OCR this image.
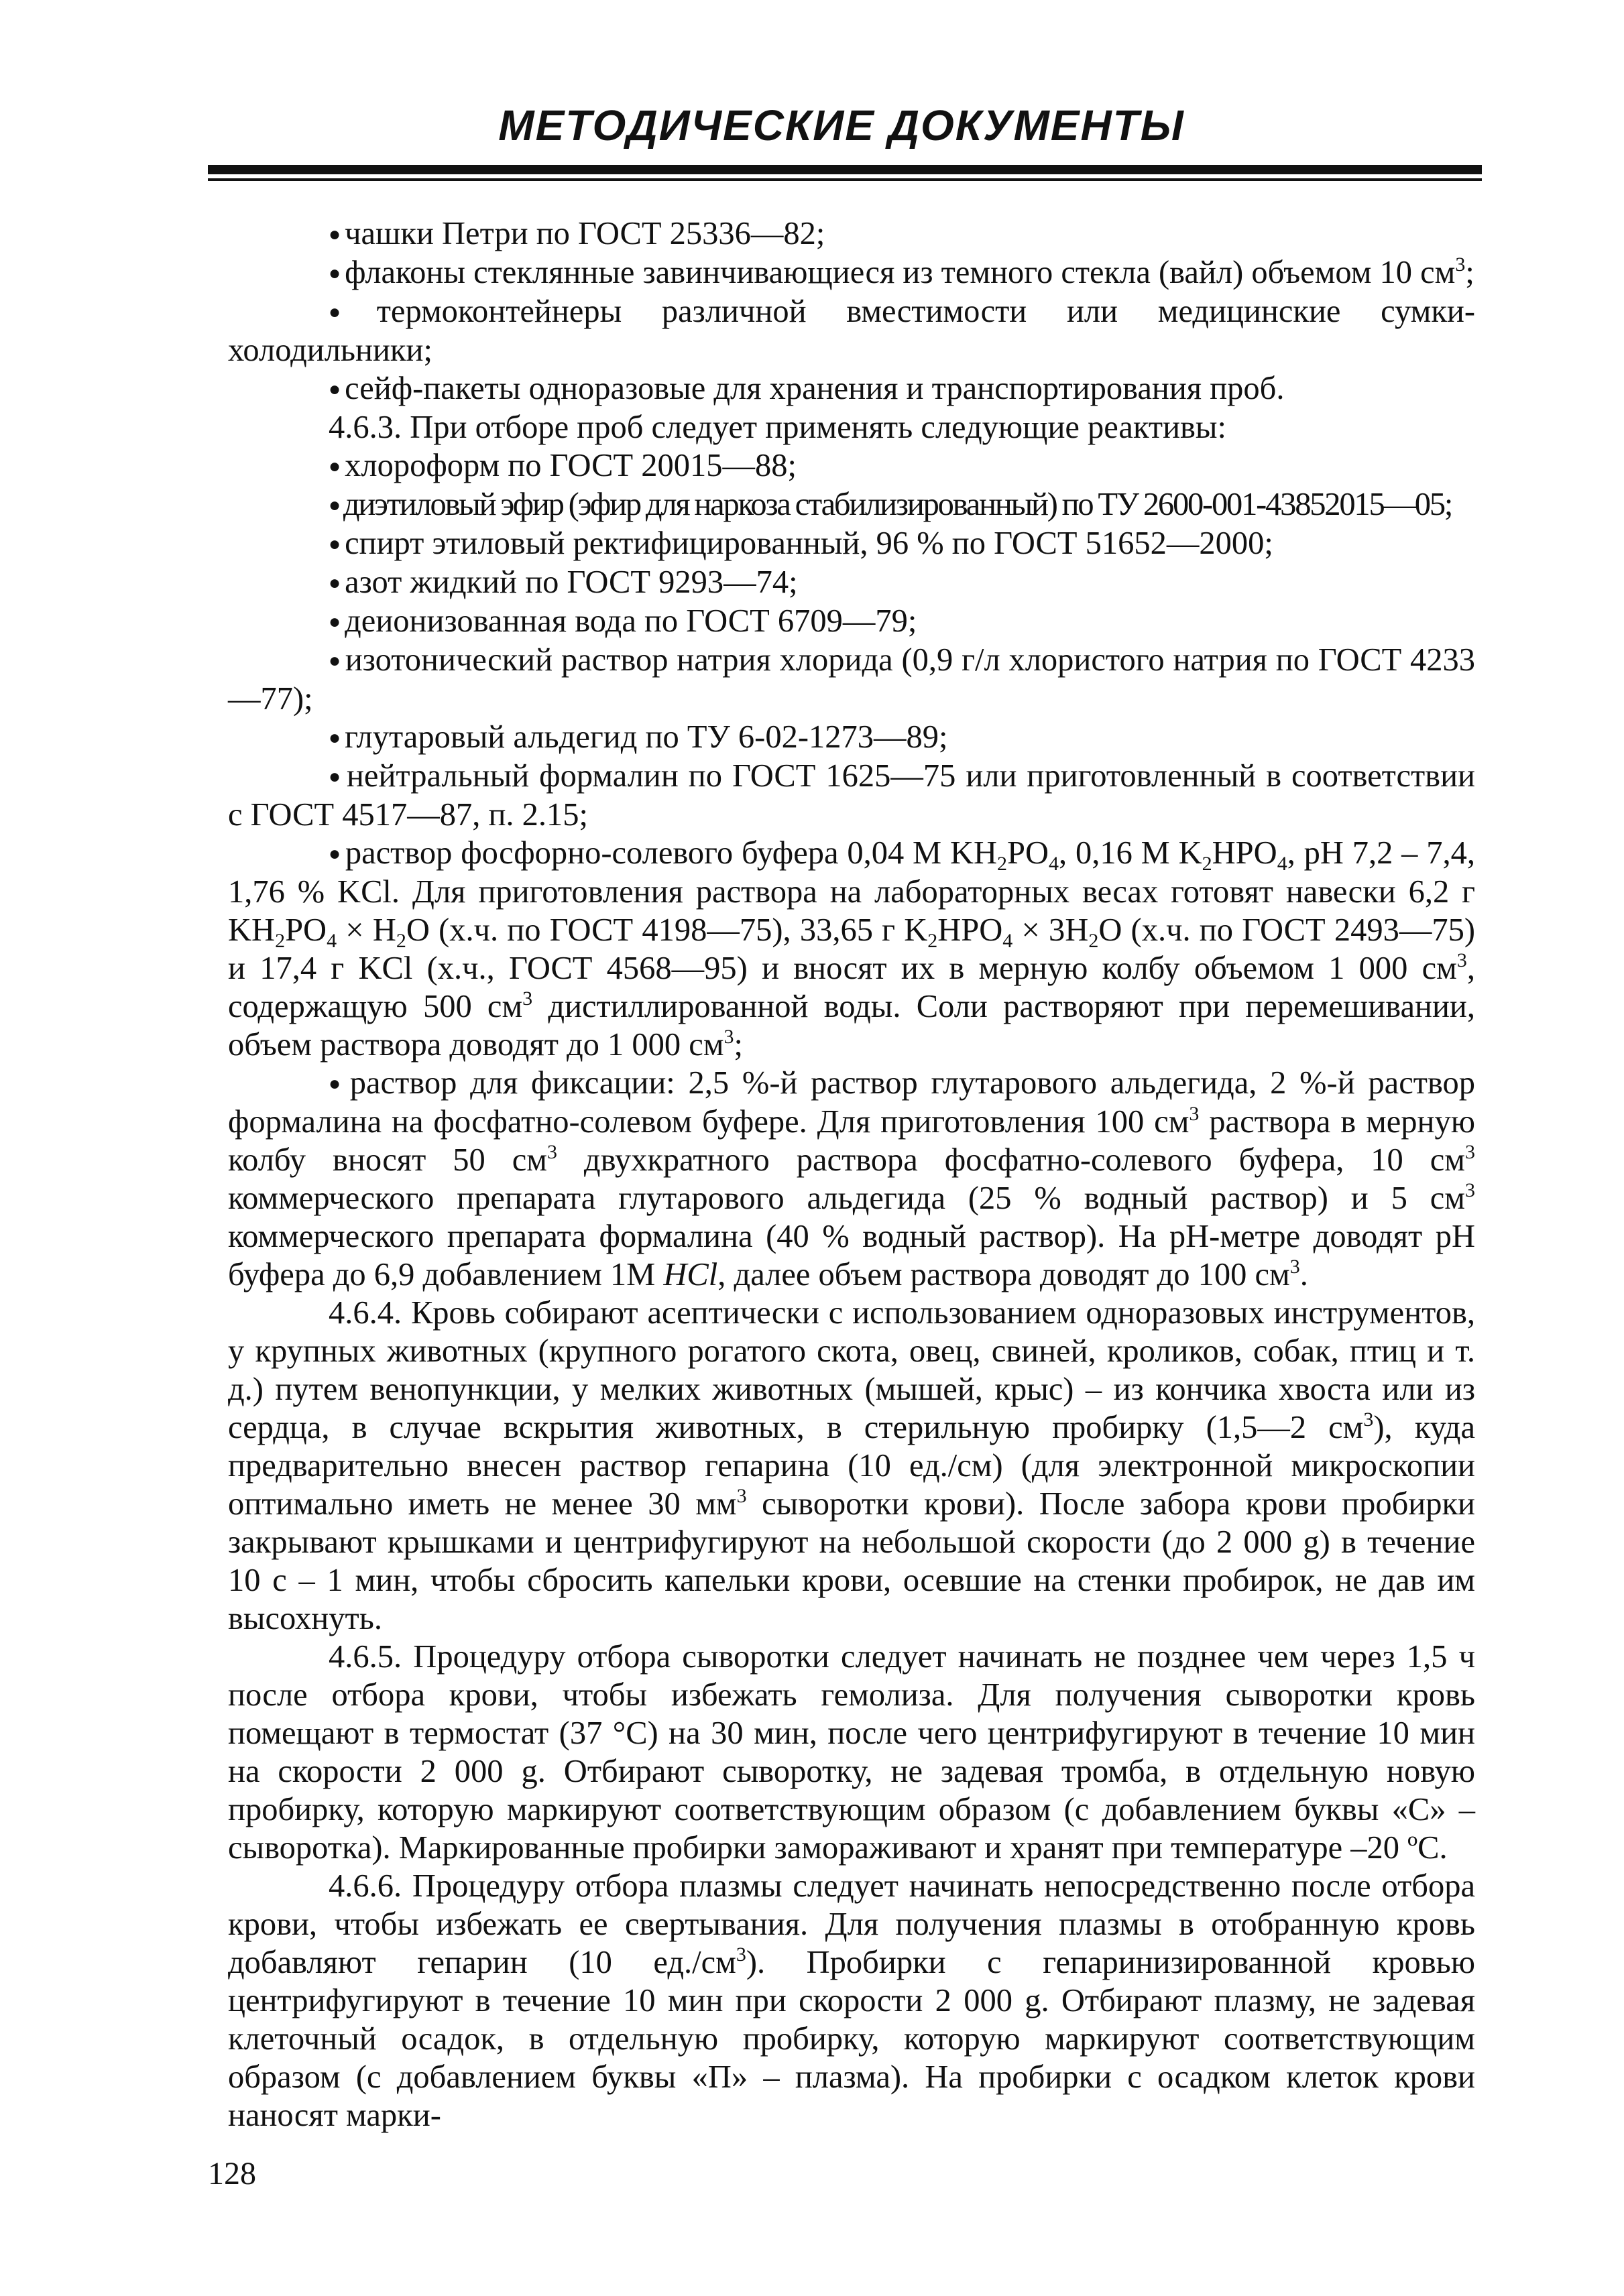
МЕТОДИЧЕСКИЕ ДОКУМЕНТЫ

● чашки Петри по ГОСТ 25336—82;

● флаконы стеклянные завинчивающиеся из темного стекла (вайл) объемом 10 $см^3$;

● термоконтейнеры различной вместимости или медицинские сумки-холодильники;

● сейф-пакеты одноразовые для хранения и транспортирования проб.

4.6.3. При отборе проб следует применять следующие реактивы:

● хлороформ по ГОСТ 20015—88;

● диэтиловый эфир (эфир для наркоза стабилизированный) по ТУ 2600-001-43852015—05;

● спирт этиловый ректифицированный, 96 % по ГОСТ 51652—2000;

● азот жидкий по ГОСТ 9293—74;

● деионизованная вода по ГОСТ 6709—79;

● изотонический раствор натрия хлорида (0,9 г/л хлористого натрия по ГОСТ 4233—77);

● глутаровый альдегид по ТУ 6-02-1273—89;

● нейтральный формалин по ГОСТ 1625—75 или приготовленный в соответствии с ГОСТ 4517—87, п. 2.15;

● раствор фосфорно-солевого буфера 0,04 М $KH_2PO_4$, 0,16 М $K_2HPO_4$, pH 7,2 – 7,4, 1,76 % KCl. Для приготовления раствора на лабораторных весах готовят навески 6,2 г $KH_2PO_4 \times H_2O$ (х.ч. по ГОСТ 4198—75), 33,65 г $K_2HPO_4 \times 3H_2O$ (х.ч. по ГОСТ 2493—75) и 17,4 г KCl (х.ч., ГОСТ 4568—95) и вносят их в мерную колбу объемом 1 000 $см^3$, содержащую 500 $см^3$ дистиллированной воды. Соли растворяют при перемешивании, объем раствора доводят до 1 000 $см^3$;

● раствор для фиксации: 2,5 %-й раствор глутарового альдегида, 2 %-й раствор формалина на фосфатно-солевом буфере. Для приготовления 100 $см^3$ раствора в мерную колбу вносят 50 $см^3$ двухкратного раствора фосфатно-солевого буфера, 10 $см^3$ коммерческого препарата глутарового альдегида (25 % водный раствор) и 5 $см^3$ коммерческого препарата формалина (40 % водный раствор). На pH-метре доводят pH буфера до 6,9 добавлением 1М HCl, далее объем раствора доводят до 100 $см^3$.

4.6.4. Кровь собирают асептически с использованием одноразовых инструментов, у крупных животных (крупного рогатого скота, овец, свиней, кроликов, собак, птиц и т. д.) путем венопункции, у мелких животных (мышей, крыс) – из кончика хвоста или из сердца, в случае вскрытия животных, в стерильную пробирку (1,5—2 $см^3$), куда предварительно внесен раствор гепарина (10 ед./см) (для электронной микроскопии оптимально иметь не менее 30 $мм^3$ сыворотки крови). После забора крови пробирки закрывают крышками и центрифугируют на небольшой скорости (до 2 000 g) в течение 10 с – 1 мин, чтобы сбросить капельки крови, осевшие на стенки пробирок, не дав им высохнуть.

4.6.5. Процедуру отбора сыворотки следует начинать не позднее чем через 1,5 ч после отбора крови, чтобы избежать гемолиза. Для получения сыворотки кровь помещают в термостат (37 °С) на 30 мин, после чего центрифугируют в течение 10 мин на скорости 2 000 g. Отбирают сыворотку, не задевая тромба, в отдельную новую пробирку, которую маркируют соответствующим образом (с добавлением буквы «С» – сыворотка). Маркированные пробирки замораживают и хранят при температуре –20 ºС.

4.6.6. Процедуру отбора плазмы следует начинать непосредственно после отбора крови, чтобы избежать ее свертывания. Для получения плазмы в отобранную кровь добавляют гепарин (10 $ед./см^3$). Пробирки с гепаринизированной кровью центрифугируют в течение 10 мин при скорости 2 000 g. Отбирают плазму, не задевая клеточный осадок, в отдельную пробирку, которую маркируют соответствующим образом (с добавлением буквы «П» – плазма). На пробирки с осадком клеток крови наносят марки-

128
